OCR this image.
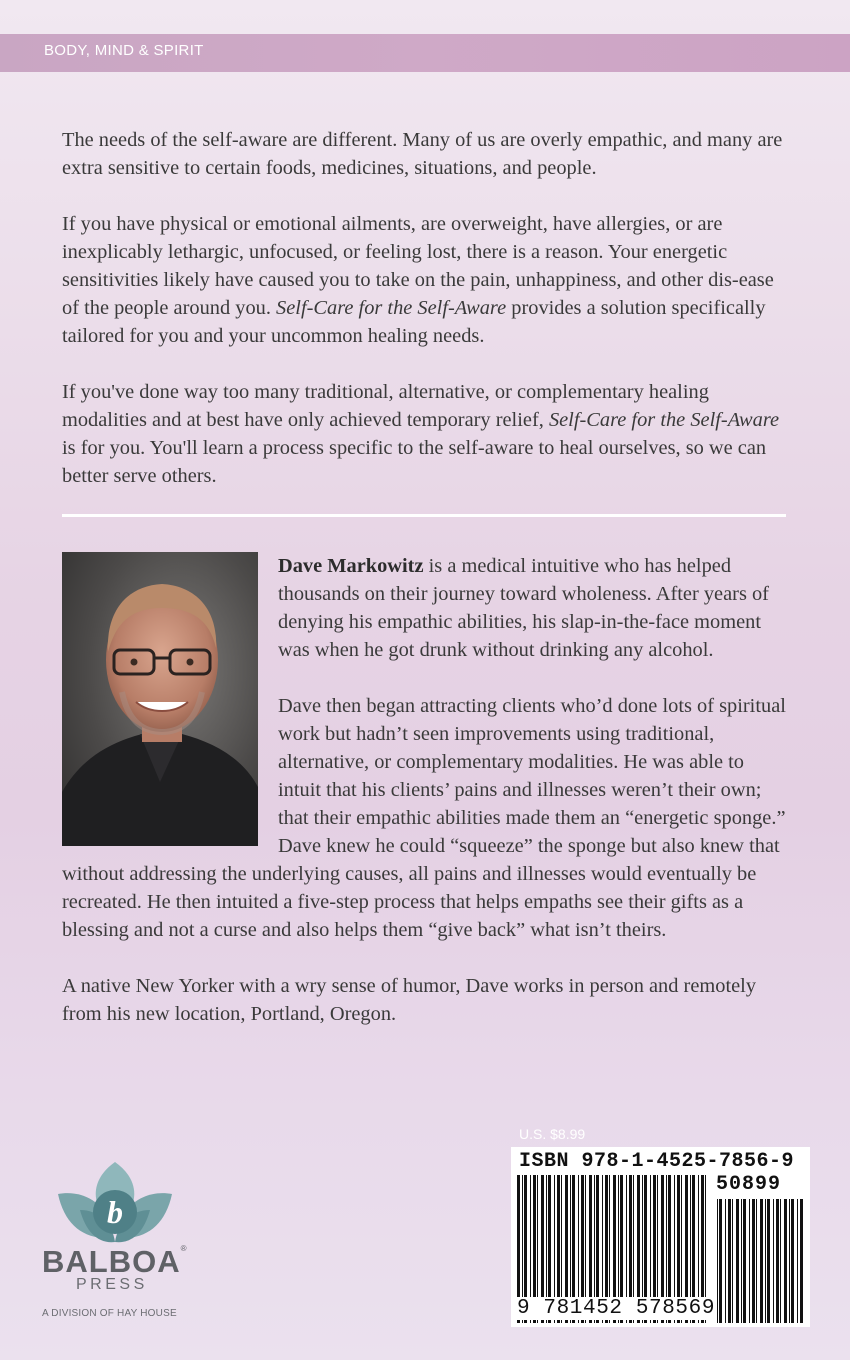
BODY, MIND & SPIRIT

The needs of the self-aware are different. Many of us are overly empathic, and many are extra sensitive to certain foods, medicines, situations, and people.

If you have physical or emotional ailments, are overweight, have allergies, or are inexplicably lethargic, unfocused, or feeling lost, there is a reason. Your energetic sensitivities likely have caused you to take on the pain, unhappiness, and other dis-ease of the people around you. Self-Care for the Self-Aware provides a solution specifically tailored for you and your uncommon healing needs.

If you've done way too many traditional, alternative, or complementary healing modalities and at best have only achieved temporary relief, Self-Care for the Self-Aware is for you. You'll learn a process specific to the self-aware to heal ourselves, so we can better serve others.

Dave Markowitz is a medical intuitive who has helped thousands on their journey toward wholeness. After years of denying his empathic abilities, his slap-in-the-face moment was when he got drunk without drinking any alcohol.

Dave then began attracting clients who’d done lots of spiritual work but hadn’t seen improvements using traditional, alternative, or complementary modalities. He was able to intuit that his clients’ pains and illnesses weren’t their own; that their empathic abilities made them an “energetic sponge.” Dave knew he could “squeeze” the sponge but also knew that without addressing the underlying causes, all pains and illnesses would eventually be recreated. He then intuited a five-step process that helps empaths see their gifts as a blessing and not a curse and also helps them “give back” what isn’t theirs.

A native New Yorker with a wry sense of humor, Dave works in person and remotely from his new location, Portland, Oregon.

b
BALBOA®
PRESS
A DIVISION OF HAY HOUSE
U.S. $8.99
ISBN 978-1-4525-7856-9
50899
9 781452 578569
